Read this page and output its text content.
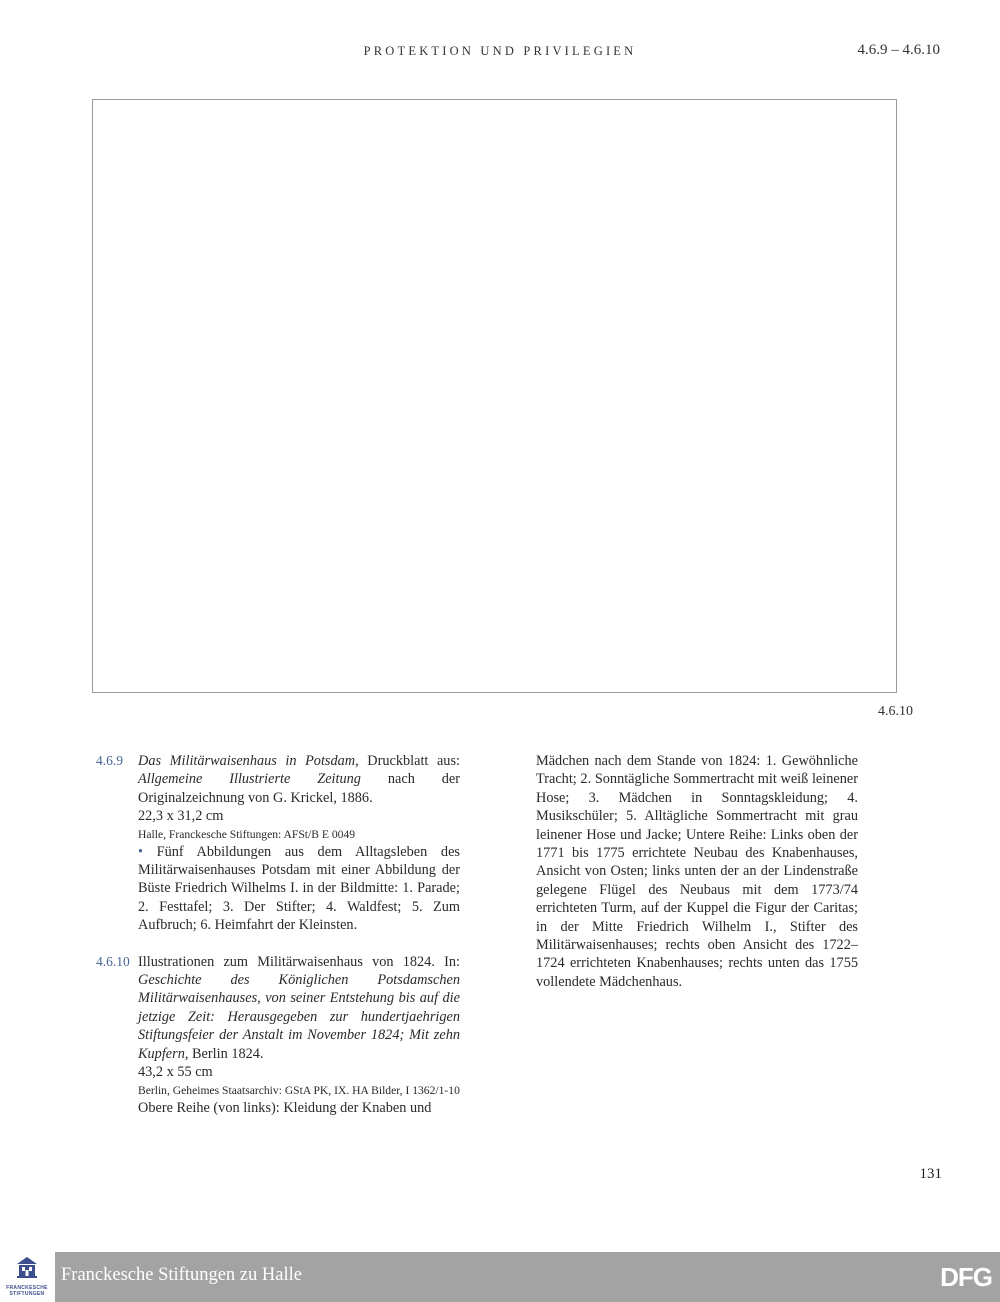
PROTEKTION UND PRIVILEGIEN	4.6.9 – 4.6.10
4.6.10
4.6.9	Das Militärwaisenhaus in Potsdam, Druckblatt aus: Allgemeine Illustrierte Zeitung nach der Originalzeichnung von G. Krickel, 1886.

22,3 x 31,2 cm

Halle, Franckesche Stiftungen: AFSt/B E 0049

• Fünf Abbildungen aus dem Alltagsleben des Militärwaisenhauses Potsdam mit einer Abbildung der Büste Friedrich Wilhelms I. in der Bildmitte: 1. Parade; 2. Festtafel; 3. Der Stifter; 4. Waldfest; 5. Zum Aufbruch; 6. Heimfahrt der Kleinsten.

4.6.10 Illustrationen zum Militärwaisenhaus von 1824. In: Geschichte des Königlichen Potsdamschen Militärwaisenhauses, von seiner Entstehung bis auf die jetzige Zeit: Herausgegeben zur hundertjaehrigen Stiftungsfeier der Anstalt im November 1824; Mit zehn Kupfern, Berlin 1824.

43,2 x 55 cm

Berlin, Geheimes Staatsarchiv: GStA PK, IX. HA Bilder, I 1362/1-10

Obere Reihe (von links): Kleidung der Knaben und

Mädchen nach dem Stande von 1824: 1. Gewöhnliche Tracht; 2. Sonntägliche Sommertracht mit weiß leinener Hose; 3. Mädchen in Sonntagskleidung; 4. Musikschüler; 5. Alltägliche Sommertracht mit grau leinener Hose und Jacke; Untere Reihe: Links oben der 1771 bis 1775 errichtete Neubau des Knabenhauses, Ansicht von Osten; links unten der an der Lindenstraße gelegene Flügel des Neubaus mit dem 1773/74 errichteten Turm, auf der Kuppel die Figur der Caritas; in der Mitte Friedrich Wilhelm I., Stifter des Militärwaisenhauses; rechts oben Ansicht des 1722–1724 errichteten Knabenhauses; rechts unten das 1755 vollendete Mädchenhaus.

131
FRANCKESCHE
STIFTUNGEN
Franckesche Stiftungen zu Halle	DFG
